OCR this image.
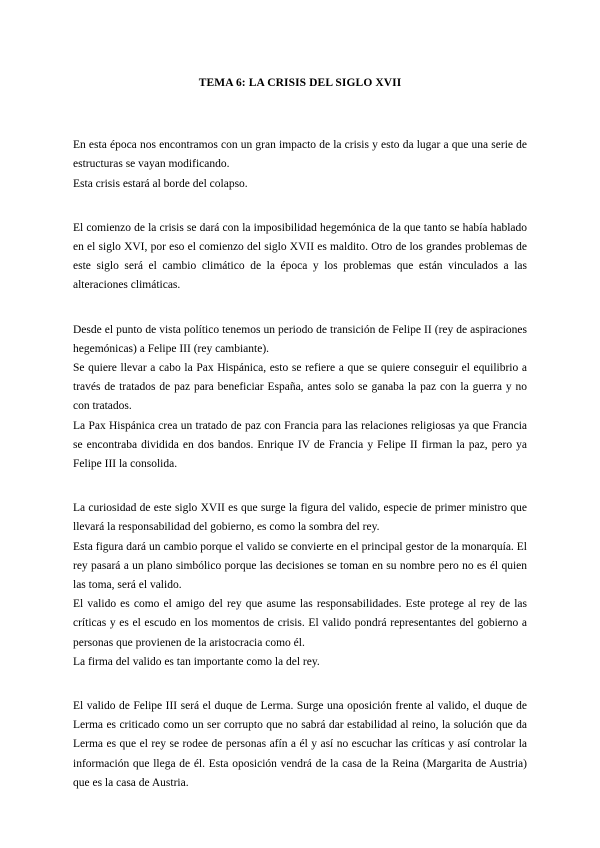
TEMA 6: LA CRISIS DEL SIGLO XVII

En esta época nos encontramos con un gran impacto de la crisis y esto da lugar a que una serie de estructuras se vayan modificando.

Esta crisis estará al borde del colapso.

El comienzo de la crisis se dará con la imposibilidad hegemónica de la que tanto se había hablado en el siglo XVI, por eso el comienzo del siglo XVII es maldito. Otro de los grandes problemas de este siglo será el cambio climático de la época y los problemas que están vinculados a las alteraciones climáticas.

Desde el punto de vista político tenemos un periodo de transición de Felipe II (rey de aspiraciones hegemónicas) a Felipe III (rey cambiante).

Se quiere llevar a cabo la Pax Hispánica, esto se refiere a que se quiere conseguir el equilibrio a través de tratados de paz para beneficiar España, antes solo se ganaba la paz con la guerra y no con tratados.

La Pax Hispánica crea un tratado de paz con Francia para las relaciones religiosas ya que Francia se encontraba dividida en dos bandos. Enrique IV de Francia y Felipe II firman la paz, pero ya Felipe III la consolida.

La curiosidad de este siglo XVII es que surge la figura del valido, especie de primer ministro que llevará la responsabilidad del gobierno, es como la sombra del rey.

Esta figura dará un cambio porque el valido se convierte en el principal gestor de la monarquía. El rey pasará a un plano simbólico porque las decisiones se toman en su nombre pero no es él quien las toma, será el valido.

El valido es como el amigo del rey que asume las responsabilidades. Este protege al rey de las críticas y es el escudo en los momentos de crisis. El valido pondrá representantes del gobierno a personas que provienen de la aristocracia como él.

La firma del valido es tan importante como la del rey.

El valido de Felipe III será el duque de Lerma. Surge una oposición frente al valido, el duque de Lerma es criticado como un ser corrupto que no sabrá dar estabilidad al reino, la solución que da Lerma es que el rey se rodee de personas afín a él y así no escuchar las críticas y así controlar la información que llega de él. Esta oposición vendrá de la casa de la Reina (Margarita de Austria) que es la casa de Austria.
